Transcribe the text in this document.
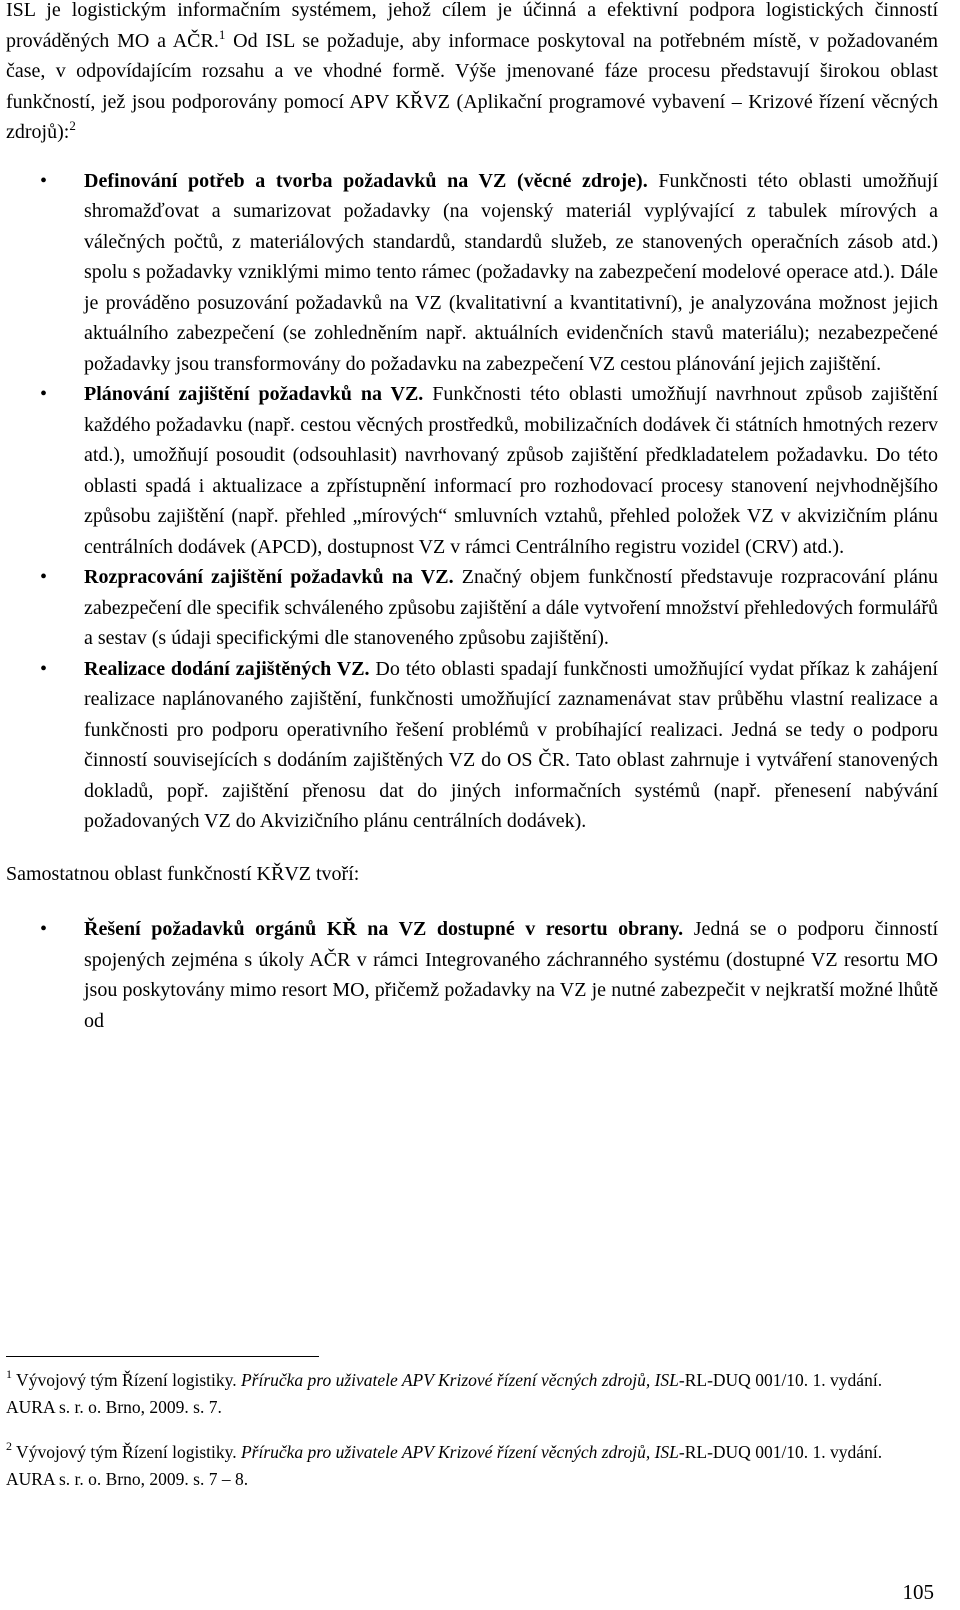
ISL je logistickým informačním systémem, jehož cílem je účinná a efektivní podpora logistických činností prováděných MO a AČR.$^1$ Od ISL se požaduje, aby informace poskytoval na potřebném místě, v požadovaném čase, v odpovídajícím rozsahu a ve vhodné formě. Výše jmenované fáze procesu představují širokou oblast funkčností, jež jsou podporovány pomocí APV KŘVZ (Aplikační programové vybavení – Krizové řízení věcných zdrojů):$^2$

• Definování potřeb a tvorba požadavků na VZ (věcné zdroje). Funkčnosti této oblasti umožňují shromažďovat a sumarizovat požadavky (na vojenský materiál vyplývající z tabulek mírových a válečných počtů, z materiálových standardů, standardů služeb, ze stanovených operačních zásob atd.) spolu s požadavky vzniklými mimo tento rámec (požadavky na zabezpečení modelové operace atd.). Dále je prováděno posuzování požadavků na VZ (kvalitativní a kvantitativní), je analyzována možnost jejich aktuálního zabezpečení (se zohledněním např. aktuálních evidenčních stavů materiálu); nezabezpečené požadavky jsou transformovány do požadavku na zabezpečení VZ cestou plánování jejich zajištění.
• Plánování zajištění požadavků na VZ. Funkčnosti této oblasti umožňují navrhnout způsob zajištění každého požadavku (např. cestou věcných prostředků, mobilizačních dodávek či státních hmotných rezerv atd.), umožňují posoudit (odsouhlasit) navrhovaný způsob zajištění předkladatelem požadavku. Do této oblasti spadá i aktualizace a zpřístupnění informací pro rozhodovací procesy stanovení nejvhodnějšího způsobu zajištění (např. přehled „mírových“ smluvních vztahů, přehled položek VZ v akvizičním plánu centrálních dodávek (APCD), dostupnost VZ v rámci Centrálního registru vozidel (CRV) atd.).
• Rozpracování zajištění požadavků na VZ. Značný objem funkčností představuje rozpracování plánu zabezpečení dle specifik schváleného způsobu zajištění a dále vytvoření množství přehledových formulářů a sestav (s údaji specifickými dle stanoveného způsobu zajištění).
• Realizace dodání zajištěných VZ. Do této oblasti spadají funkčnosti umožňující vydat příkaz k zahájení realizace naplánovaného zajištění, funkčnosti umožňující zaznamenávat stav průběhu vlastní realizace a funkčnosti pro podporu operativního řešení problémů v probíhající realizaci. Jedná se tedy o podporu činností souvisejících s dodáním zajištěných VZ do OS ČR. Tato oblast zahrnuje i vytváření stanovených dokladů, popř. zajištění přenosu dat do jiných informačních systémů (např. přenesení nabývání požadovaných VZ do Akvizičního plánu centrálních dodávek).

Samostatnou oblast funkčností KŘVZ tvoří:

• Řešení požadavků orgánů KŘ na VZ dostupné v resortu obrany. Jedná se o podporu činností spojených zejména s úkoly AČR v rámci Integrovaného záchranného systému (dostupné VZ resortu MO jsou poskytovány mimo resort MO, přičemž požadavky na VZ je nutné zabezpečit v nejkratší možné lhůtě od
$^1$ Vývojový tým Řízení logistiky. Příručka pro uživatele APV Krizové řízení věcných zdrojů, ISL-RL-DUQ 001/10. 1. vydání. AURA s. r. o. Brno, 2009. s. 7.
$^2$ Vývojový tým Řízení logistiky. Příručka pro uživatele APV Krizové řízení věcných zdrojů, ISL-RL-DUQ 001/10. 1. vydání. AURA s. r. o. Brno, 2009. s. 7 – 8.
105
